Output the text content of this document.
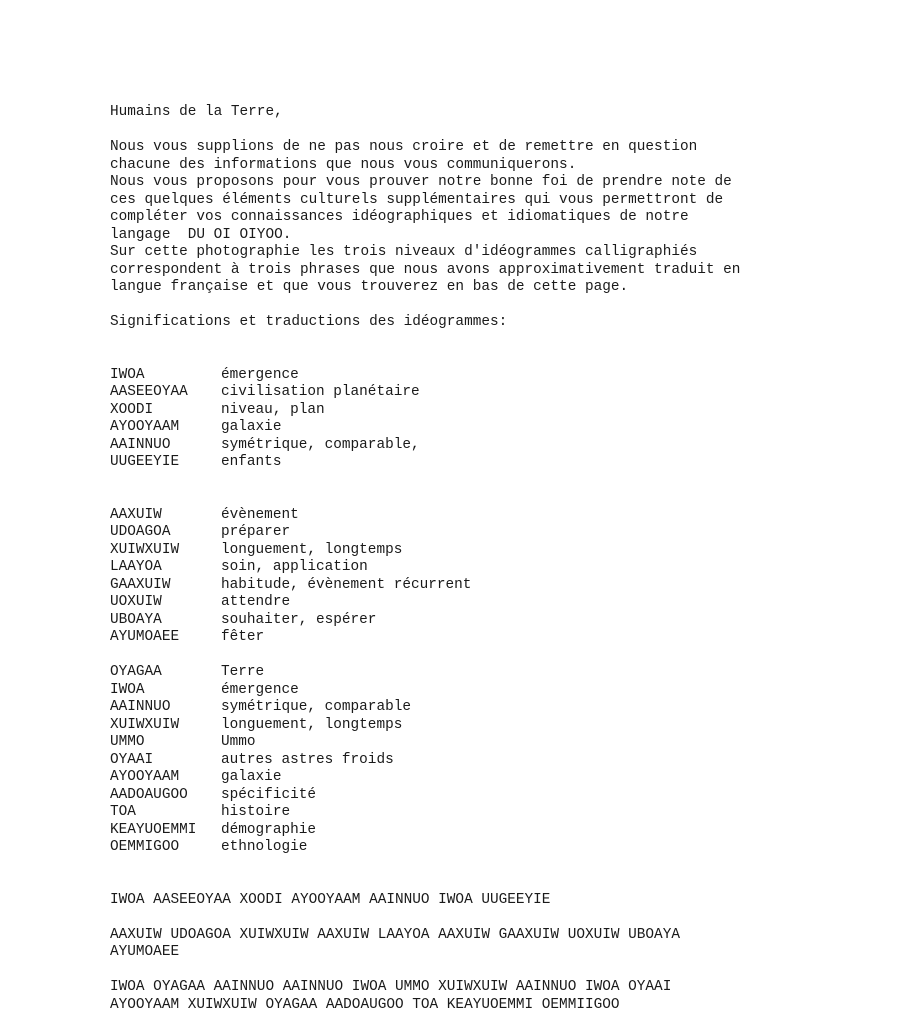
Humains de la Terre,
Nous vous supplions de ne pas nous croire et de remettre en question
chacune des informations que nous vous communiquerons.
Nous vous proposons pour vous prouver notre bonne foi de prendre note de
ces quelques éléments culturels supplémentaires qui vous permettront de
compléter vos connaissances idéographiques et idiomatiques de notre
langage  DU OI OIYOO.
Sur cette photographie les trois niveaux d'idéogrammes calligraphiés
correspondent à trois phrases que nous avons approximativement traduit en
langue française et que vous trouverez en bas de cette page.
Significations et traductions des idéogrammes:
IWOA	émergence
AASEEOYAA	civilisation planétaire
XOODI	niveau, plan
AYOOYAAM	galaxie
AAINNUO	symétrique, comparable,
UUGEEYIE	enfants
AAXUIW	évènement
UDOAGOA	préparer
XUIWXUIW	longuement, longtemps
LAAYOA	soin, application
GAAXUIW	habitude, évènement récurrent
UOXUIW	attendre
UBOAYA	souhaiter, espérer
AYUMOAEE	fêter
OYAGAA	Terre
IWOA	émergence
AAINNUO	symétrique, comparable
XUIWXUIW	longuement, longtemps
UMMO	Ummo
OYAAI	autres astres froids
AYOOYAAM	galaxie
AADOAUGOO	spécificité
TOA	histoire
KEAYUOEMMI	démographie
OEMMIGOO	ethnologie
IWOA AASEEOYAA XOODI AYOOYAAM AAINNUO IWOA UUGEEYIE
AAXUIW UDOAGOA XUIWXUIW AAXUIW LAAYOA AAXUIW GAAXUIW UOXUIW UBOAYA
AYUMOAEE
IWOA OYAGAA AAINNUO AAINNUO IWOA UMMO XUIWXUIW AAINNUO IWOA OYAAI
AYOOYAAM XUIWXUIW OYAGAA AADOAUGOO TOA KEAYUOEMMI OEMMIIGOO
